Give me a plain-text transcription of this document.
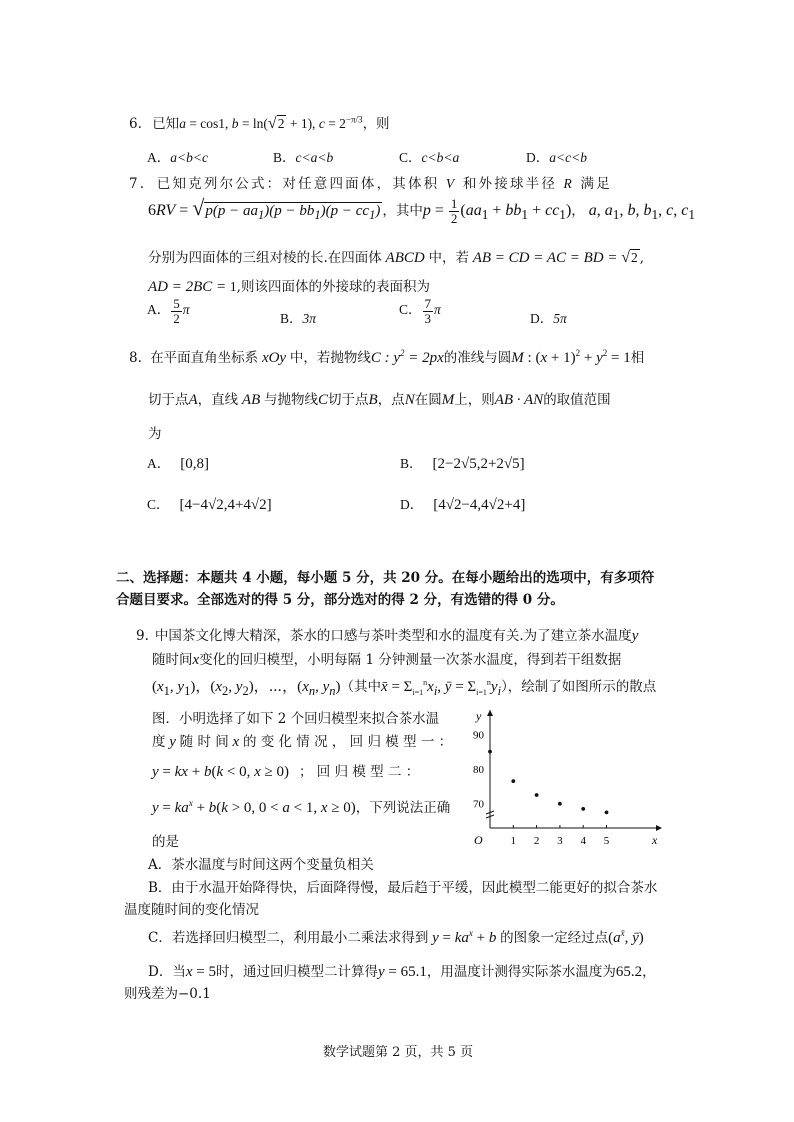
6. 已知a = cos1, b = ln(√2 + 1), $c = 2^{-\pi/3}$，则
A．a<b<c	B．c<a<b	C．c<b<a	D．a<c<b
7. 已知克列尔公式：对任意四面体，其体积 V 和外接球半径 R 满足
$6RV = √p(p - aa_1)(p - bb_1)(p - cc_1)$ ，其中$p = \frac{1}{2} (aa_1 + bb_1 + cc_1)$， a, $a_1$, b, $b_1$, c, $c_1$
分别为四面体的三组对棱的长.在四面体 ABCD 中，若 AB = CD = AC = BD = √2 ,
AD = 2BC = 1,则该四面体的外接球的表面积为
A． $\frac{5}{2}$ π
B．3π
C． $\frac{7}{3}$ π
D．5π
8. 在平面直角坐标系 xOy 中，若抛物线C : $y^2 = 2px$的准线与圆M : $(x + 1)^2 + y^2 = 1$相
切于点A，直线 AB 与抛物线C切于点B，点N在圆M上，则AB · AN的取值范围
为
A． [0,8]	B． [2−2√5,2+2√5]
C． [4−4√2,4+4√2]	D． [4√2−4,4√2+4]
二、选择题：本题共 4 小题，每小题 5 分，共 20 分。在每小题给出的选项中，有多项符
合题目要求。全部选对的得 5 分，部分选对的得 2 分，有选错的得 0 分。
9. 中国茶文化博大精深，茶水的口感与茶叶类型和水的温度有关.为了建立茶水温度y
随时间x变化的回归模型，小明每隔 1 分钟测量一次茶水温度，得到若干组数据
($x_1$, $y_1$)，($x_2$, $y_2$)，⋯，($x_n$, $y_n$)（其中x̄ = $\Sigma_{i=1}^nx_i$, ȳ = $\Sigma_{i=1}^ny_i$），绘制了如图所示的散点
图．小明选择了如下 2 个回归模型来拟合茶水温
度 y 随 时 间 x 的 变 化 情 况 ， 回 归 模 型 一 ：
y = kx + b(k < 0, x ≥ 0) ； 回 归 模 型 二 ：
$y = ka^x + b(k > 0$, 0 < a < 1, x ≥ 0)，下列说法正确
的是	1 2 3 4 5
70
80
90
x
y
O
A．茶水温度与时间这两个变量负相关
B．由于水温开始降得快，后面降得慢，最后趋于平缓，因此模型二能更好的拟合茶水
温度随时间的变化情况
C．若选择回归模型二，利用最小二乘法求得到 $y = ka^x + b$ 的图象一定经过点($a^{x̄}$, ȳ)
D．当x = 5时，通过回归模型二计算得y = 65.1，用温度计测得实际茶水温度为65.2，
则残差为−0.1
数学试题第 2 页，共 5 页
